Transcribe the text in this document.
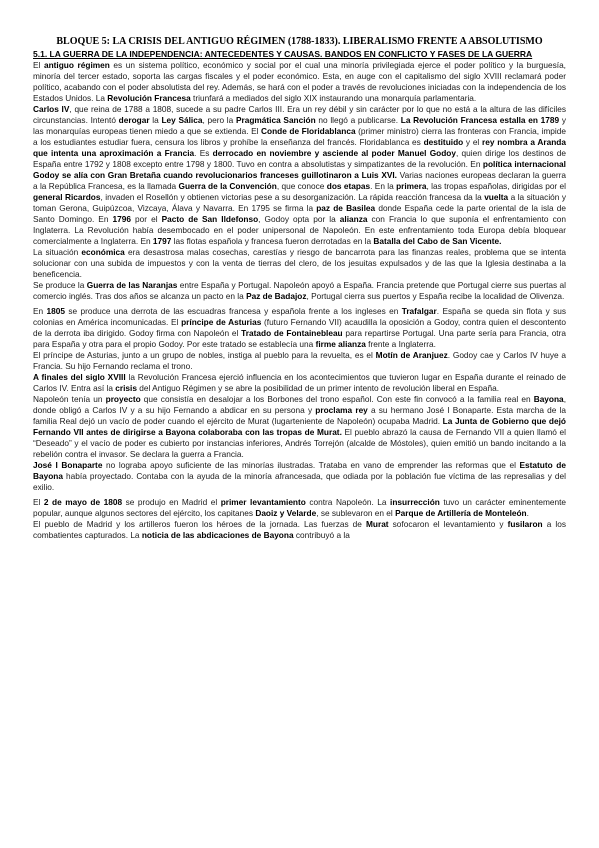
BLOQUE 5: LA CRISIS DEL ANTIGUO RÉGIMEN (1788-1833). LIBERALISMO FRENTE A ABSOLUTISMO
5.1. LA GUERRA DE LA INDEPENDENCIA: ANTECEDENTES Y CAUSAS. BANDOS EN CONFLICTO Y FASES DE LA GUERRA
El antiguo régimen es un sistema político, económico y social por el cual una minoría privilegiada ejerce el poder político y la burguesía, minoría del tercer estado, soporta las cargas fiscales y el poder económico. Esta, en auge con el capitalismo del siglo XVIII reclamará poder político, acabando con el poder absolutista del rey. Además, se hará con el poder a través de revoluciones iniciadas con la independencia de los Estados Unidos. La Revolución Francesa triunfará a mediados del siglo XIX instaurando una monarquía parlamentaria.
Carlos IV, que reina de 1788 a 1808, sucede a su padre Carlos III. Era un rey débil y sin carácter por lo que no está a la altura de las difíciles circunstancias. Intentó derogar la Ley Sálica, pero la Pragmática Sanción no llegó a publicarse. La Revolución Francesa estalla en 1789 y las monarquías europeas tienen miedo a que se extienda. El Conde de Floridablanca (primer ministro) cierra las fronteras con Francia, impide a los estudiantes estudiar fuera, censura los libros y prohíbe la enseñanza del francés. Floridablanca es destituido y el rey nombra a Aranda que intenta una aproximación a Francia. Es derrocado en noviembre y asciende al poder Manuel Godoy, quien dirige los destinos de España entre 1792 y 1808 excepto entre 1798 y 1800. Tuvo en contra a absolutistas y simpatizantes de la revolución. En política internacional Godoy se alía con Gran Bretaña cuando revolucionarios franceses guillotinaron a Luis XVI. Varias naciones europeas declaran la guerra a la República Francesa, es la llamada Guerra de la Convención, que conoce dos etapas. En la primera, las tropas españolas, dirigidas por el general Ricardos, invaden el Rosellón y obtienen victorias pese a su desorganización. La rápida reacción francesa da la vuelta a la situación y toman Gerona, Guipúzcoa, Vizcaya, Álava y Navarra. En 1795 se firma la paz de Basilea donde España cede la parte oriental de la isla de Santo Domingo. En 1796 por el Pacto de San Ildefonso, Godoy opta por la alianza con Francia lo que suponía el enfrentamiento con Inglaterra. La Revolución había desembocado en el poder unipersonal de Napoleón. En este enfrentamiento toda Europa debía bloquear comercialmente a Inglaterra. En 1797 las flotas española y francesa fueron derrotadas en la Batalla del Cabo de San Vicente.
La situación económica era desastrosa malas cosechas, carestías y riesgo de bancarrota para las finanzas reales, problema que se intenta solucionar con una subida de impuestos y con la venta de tierras del clero, de los jesuitas expulsados y de las que la Iglesia destinaba a la beneficencia.
Se produce la Guerra de las Naranjas entre España y Portugal. Napoleón apoyó a España. Francia pretende que Portugal cierre sus puertas al comercio inglés. Tras dos años se alcanza un pacto en la Paz de Badajoz, Portugal cierra sus puertos y España recibe la localidad de Olivenza.
En 1805 se produce una derrota de las escuadras francesa y española frente a los ingleses en Trafalgar. España se queda sin flota y sus colonias en América incomunicadas. El príncipe de Asturias (futuro Fernando VII) acaudilla la oposición a Godoy, contra quien el descontento de la derrota iba dirigido. Godoy firma con Napoleón el Tratado de Fontainebleau para repartirse Portugal. Una parte sería para Francia, otra para España y otra para el propio Godoy. Por este tratado se establecía una firme alianza frente a Inglaterra.
El príncipe de Asturias, junto a un grupo de nobles, instiga al pueblo para la revuelta, es el Motín de Aranjuez. Godoy cae y Carlos IV huye a Francia. Su hijo Fernando reclama el trono.
A finales del siglo XVIII la Revolución Francesa ejerció influencia en los acontecimientos que tuvieron lugar en España durante el reinado de Carlos IV. Entra así la crisis del Antiguo Régimen y se abre la posibilidad de un primer intento de revolución liberal en España.
Napoleón tenía un proyecto que consistía en desalojar a los Borbones del trono español. Con este fin convocó a la familia real en Bayona, donde obligó a Carlos IV y a su hijo Fernando a abdicar en su persona y proclama rey a su hermano José I Bonaparte. Esta marcha de la familia Real dejó un vacío de poder cuando el ejército de Murat (lugarteniente de Napoleón) ocupaba Madrid. La Junta de Gobierno que dejó Fernando VII antes de dirigirse a Bayona colaboraba con las tropas de Murat. El pueblo abrazó la causa de Fernando VII a quien llamó el “Deseado” y el vacío de poder es cubierto por instancias inferiores, Andrés Torrejón (alcalde de Móstoles), quien emitió un bando incitando a la rebelión contra el invasor. Se declara la guerra a Francia.
José I Bonaparte no lograba apoyo suficiente de las minorías ilustradas. Trataba en vano de emprender las reformas que el Estatuto de Bayona había proyectado. Contaba con la ayuda de la minoría afrancesada, que odiada por la población fue víctima de las represalias y del exilio.
El 2 de mayo de 1808 se produjo en Madrid el primer levantamiento contra Napoleón. La insurrección tuvo un carácter eminentemente popular, aunque algunos sectores del ejército, los capitanes Daoiz y Velarde, se sublevaron en el Parque de Artillería de Monteleón.
El pueblo de Madrid y los artilleros fueron los héroes de la jornada. Las fuerzas de Murat sofocaron el levantamiento y fusilaron a los combatientes capturados. La noticia de las abdicaciones de Bayona contribuyó a la
